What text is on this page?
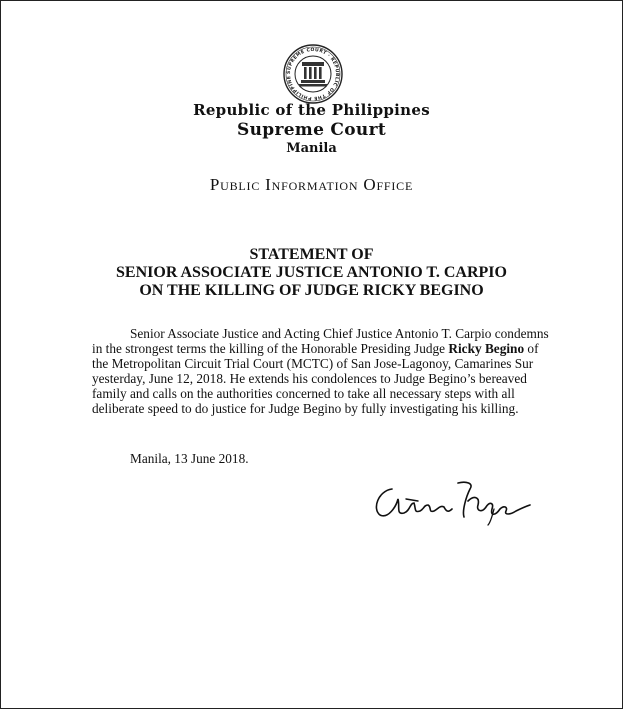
SUPREME COURT · REPUBLIC OF THE PHILIPPINE
Republic of the Philippines
Supreme Court
Manila
Public Information Office
STATEMENT OF
SENIOR ASSOCIATE JUSTICE ANTONIO T. CARPIO
ON THE KILLING OF JUDGE RICKY BEGINO
Senior Associate Justice and Acting Chief Justice Antonio T. Carpio condemns in the strongest terms the killing of the Honorable Presiding Judge Ricky Begino of the Metropolitan Circuit Trial Court (MCTC) of San Jose-Lagonoy, Camarines Sur yesterday, June 12, 2018. He extends his condolences to Judge Begino’s bereaved family and calls on the authorities concerned to take all necessary steps with all deliberate speed to do justice for Judge Begino by fully investigating his killing.
Manila, 13 June 2018.
